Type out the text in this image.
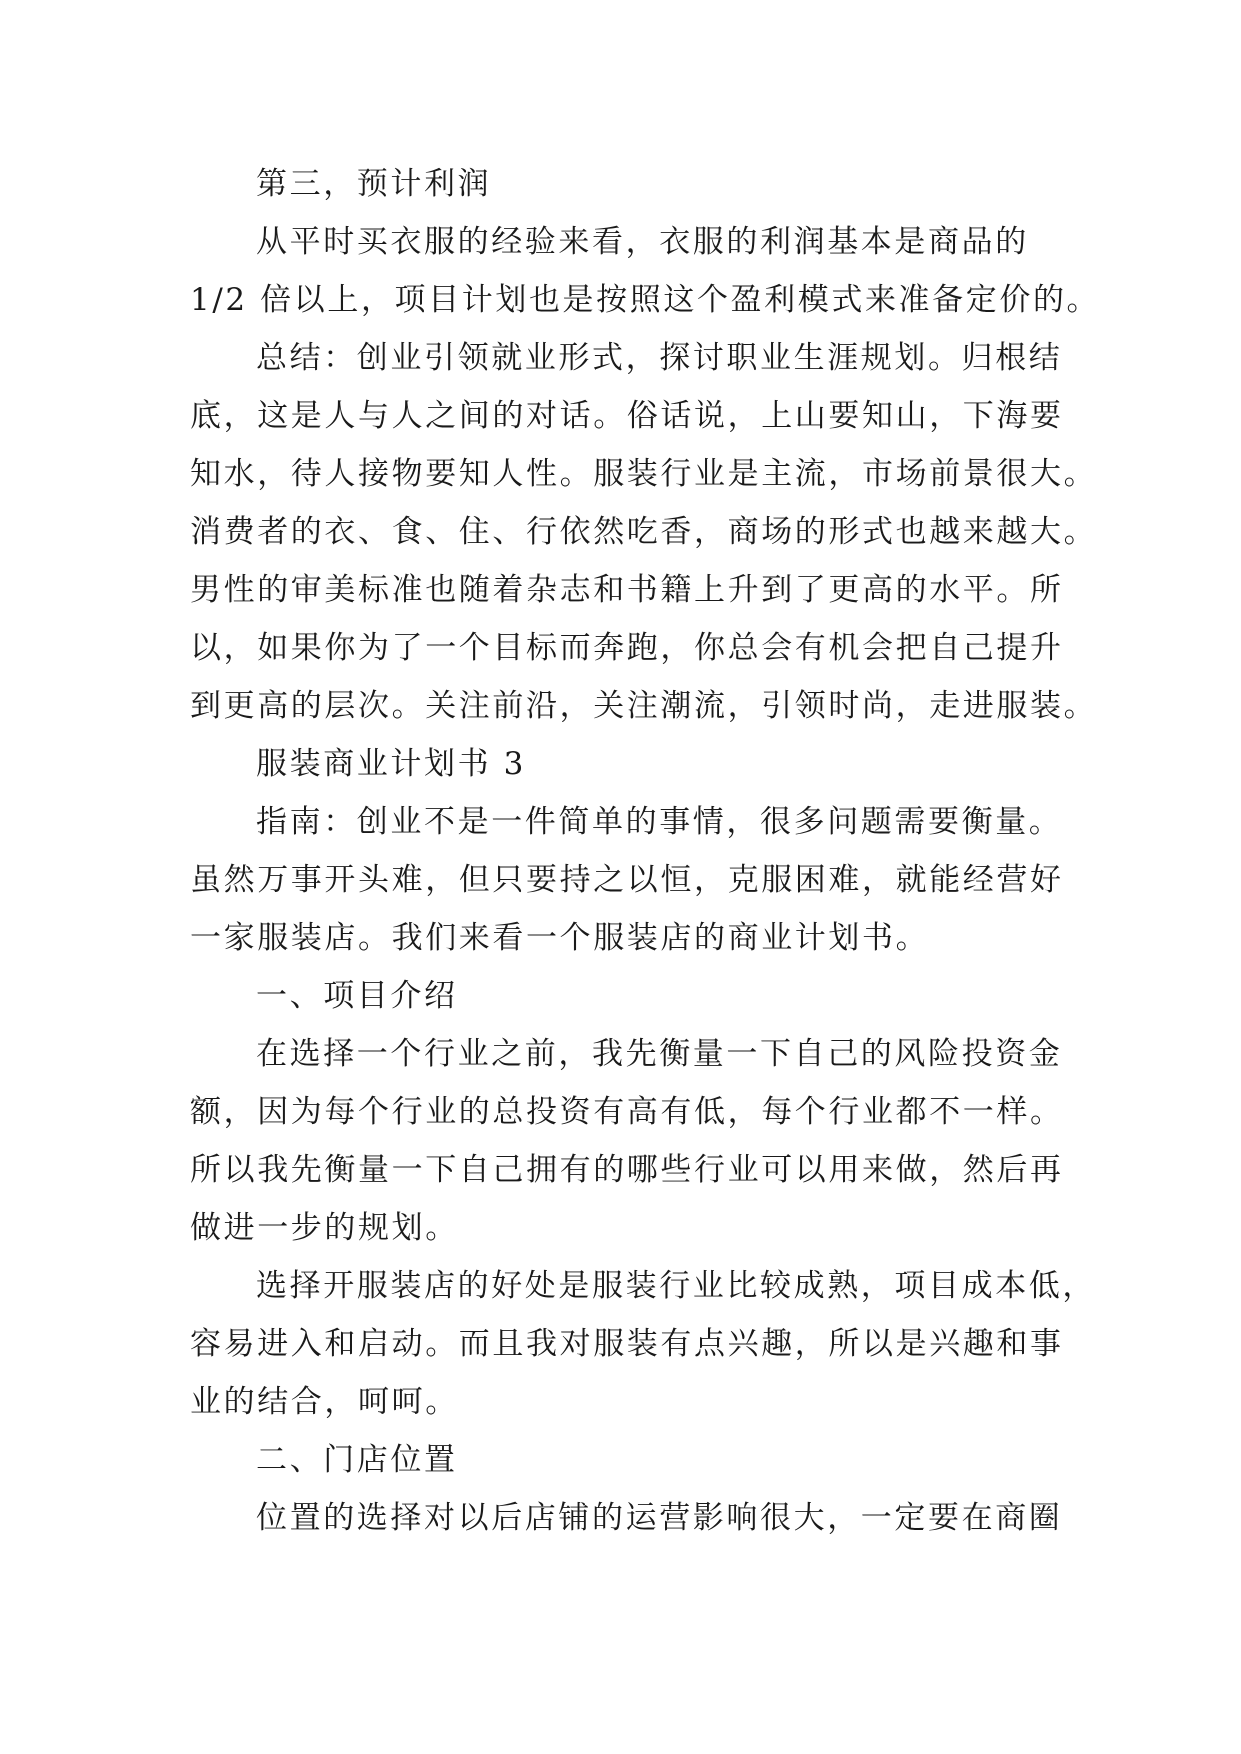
第三，预计利润
从平时买衣服的经验来看，衣服的利润基本是商品的
1/2 倍以上，项目计划也是按照这个盈利模式来准备定价的。
总结：创业引领就业形式，探讨职业生涯规划。归根结
底，这是人与人之间的对话。俗话说，上山要知山，下海要
知水，待人接物要知人性。服装行业是主流，市场前景很大。
消费者的衣、食、住、行依然吃香，商场的形式也越来越大。
男性的审美标准也随着杂志和书籍上升到了更高的水平。所
以，如果你为了一个目标而奔跑，你总会有机会把自己提升
到更高的层次。关注前沿，关注潮流，引领时尚，走进服装。
服装商业计划书 3
指南：创业不是一件简单的事情，很多问题需要衡量。
虽然万事开头难，但只要持之以恒，克服困难，就能经营好
一家服装店。我们来看一个服装店的商业计划书。
一、项目介绍
在选择一个行业之前，我先衡量一下自己的风险投资金
额，因为每个行业的总投资有高有低，每个行业都不一样。
所以我先衡量一下自己拥有的哪些行业可以用来做，然后再
做进一步的规划。
选择开服装店的好处是服装行业比较成熟，项目成本低，
容易进入和启动。而且我对服装有点兴趣，所以是兴趣和事
业的结合，呵呵。
二、门店位置
位置的选择对以后店铺的运营影响很大，一定要在商圈
